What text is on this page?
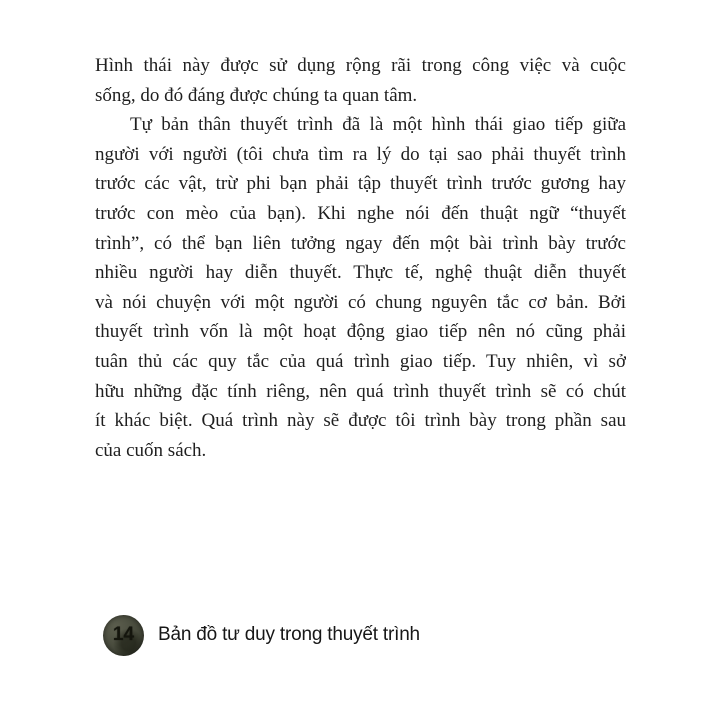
Hình thái này được sử dụng rộng rãi trong công việc và cuộc
sống, do đó đáng được chúng ta quan tâm.
Tự bản thân thuyết trình đã là một hình thái giao tiếp giữa
người với người (tôi chưa tìm ra lý do tại sao phải thuyết trình
trước các vật, trừ phi bạn phải tập thuyết trình trước gương hay
trước con mèo của bạn). Khi nghe nói đến thuật ngữ “thuyết
trình”, có thể bạn liên tưởng ngay đến một bài trình bày trước
nhiều người hay diễn thuyết. Thực tế, nghệ thuật diễn thuyết
và nói chuyện với một người có chung nguyên tắc cơ bản. Bởi
thuyết trình vốn là một hoạt động giao tiếp nên nó cũng phải
tuân thủ các quy tắc của quá trình giao tiếp. Tuy nhiên, vì sở
hữu những đặc tính riêng, nên quá trình thuyết trình sẽ có chút
ít khác biệt. Quá trình này sẽ được tôi trình bày trong phần sau
của cuốn sách.
14 Bản đồ tư duy trong thuyết trình
